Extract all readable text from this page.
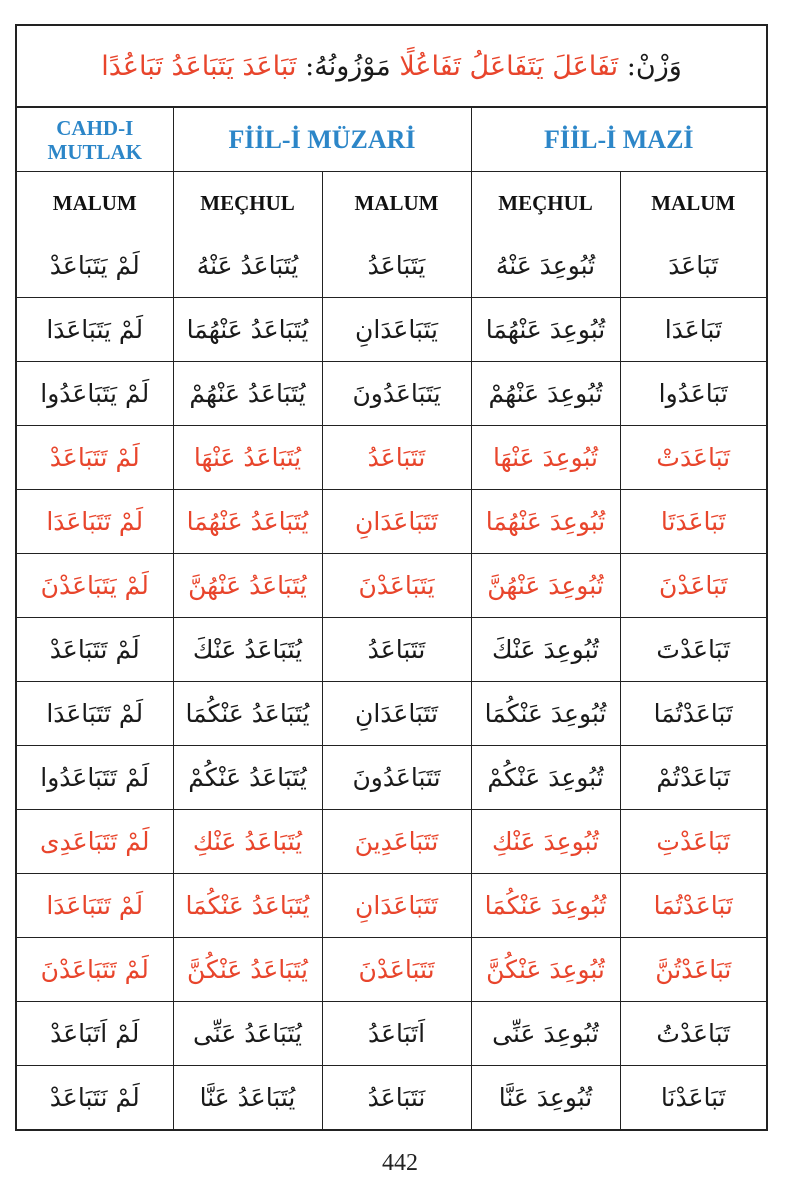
وَزْنْ:

تَفَاعَلَ يَتَفَاعَلُ تَفَاعُلًا

مَوْزُونُهُ:

تَبَاعَدَ يَتَبَاعَدُ تَبَاعُدًا
CAHD-I MUTLAK	FİİL-İ MÜZARİ		FİİL-İ MAZİ	
MALUM	MEÇHUL	MALUM	MEÇHUL	MALUM
لَمْ يَتَبَاعَدْ	يُتَبَاعَدُ عَنْهُ	يَتَبَاعَدُ	تُبُوعِدَ عَنْهُ	تَبَاعَدَ
لَمْ يَتَبَاعَدَا	يُتَبَاعَدُ عَنْهُمَا	يَتَبَاعَدَانِ	تُبُوعِدَ عَنْهُمَا	تَبَاعَدَا
لَمْ يَتَبَاعَدُوا	يُتَبَاعَدُ عَنْهُمْ	يَتَبَاعَدُونَ	تُبُوعِدَ عَنْهُمْ	تَبَاعَدُوا
لَمْ تَتَبَاعَدْ	يُتَبَاعَدُ عَنْهَا	تَتَبَاعَدُ	تُبُوعِدَ عَنْهَا	تَبَاعَدَتْ
لَمْ تَتَبَاعَدَا	يُتَبَاعَدُ عَنْهُمَا	تَتَبَاعَدَانِ	تُبُوعِدَ عَنْهُمَا	تَبَاعَدَتَا
لَمْ يَتَبَاعَدْنَ	يُتَبَاعَدُ عَنْهُنَّ	يَتَبَاعَدْنَ	تُبُوعِدَ عَنْهُنَّ	تَبَاعَدْنَ
لَمْ تَتَبَاعَدْ	يُتَبَاعَدُ عَنْكَ	تَتَبَاعَدُ	تُبُوعِدَ عَنْكَ	تَبَاعَدْتَ
لَمْ تَتَبَاعَدَا	يُتَبَاعَدُ عَنْكُمَا	تَتَبَاعَدَانِ	تُبُوعِدَ عَنْكُمَا	تَبَاعَدْتُمَا
لَمْ تَتَبَاعَدُوا	يُتَبَاعَدُ عَنْكُمْ	تَتَبَاعَدُونَ	تُبُوعِدَ عَنْكُمْ	تَبَاعَدْتُمْ
لَمْ تَتَبَاعَدِى	يُتَبَاعَدُ عَنْكِ	تَتَبَاعَدِينَ	تُبُوعِدَ عَنْكِ	تَبَاعَدْتِ
لَمْ تَتَبَاعَدَا	يُتَبَاعَدُ عَنْكُمَا	تَتَبَاعَدَانِ	تُبُوعِدَ عَنْكُمَا	تَبَاعَدْتُمَا
لَمْ تَتَبَاعَدْنَ	يُتَبَاعَدُ عَنْكُنَّ	تَتَبَاعَدْنَ	تُبُوعِدَ عَنْكُنَّ	تَبَاعَدْتُنَّ
لَمْ اَتَبَاعَدْ	يُتَبَاعَدُ عَنِّى	اَتَبَاعَدُ	تُبُوعِدَ عَنِّى	تَبَاعَدْتُ
لَمْ نَتَبَاعَدْ	يُتَبَاعَدُ عَنَّا	نَتَبَاعَدُ	تُبُوعِدَ عَنَّا	تَبَاعَدْنَا
442
